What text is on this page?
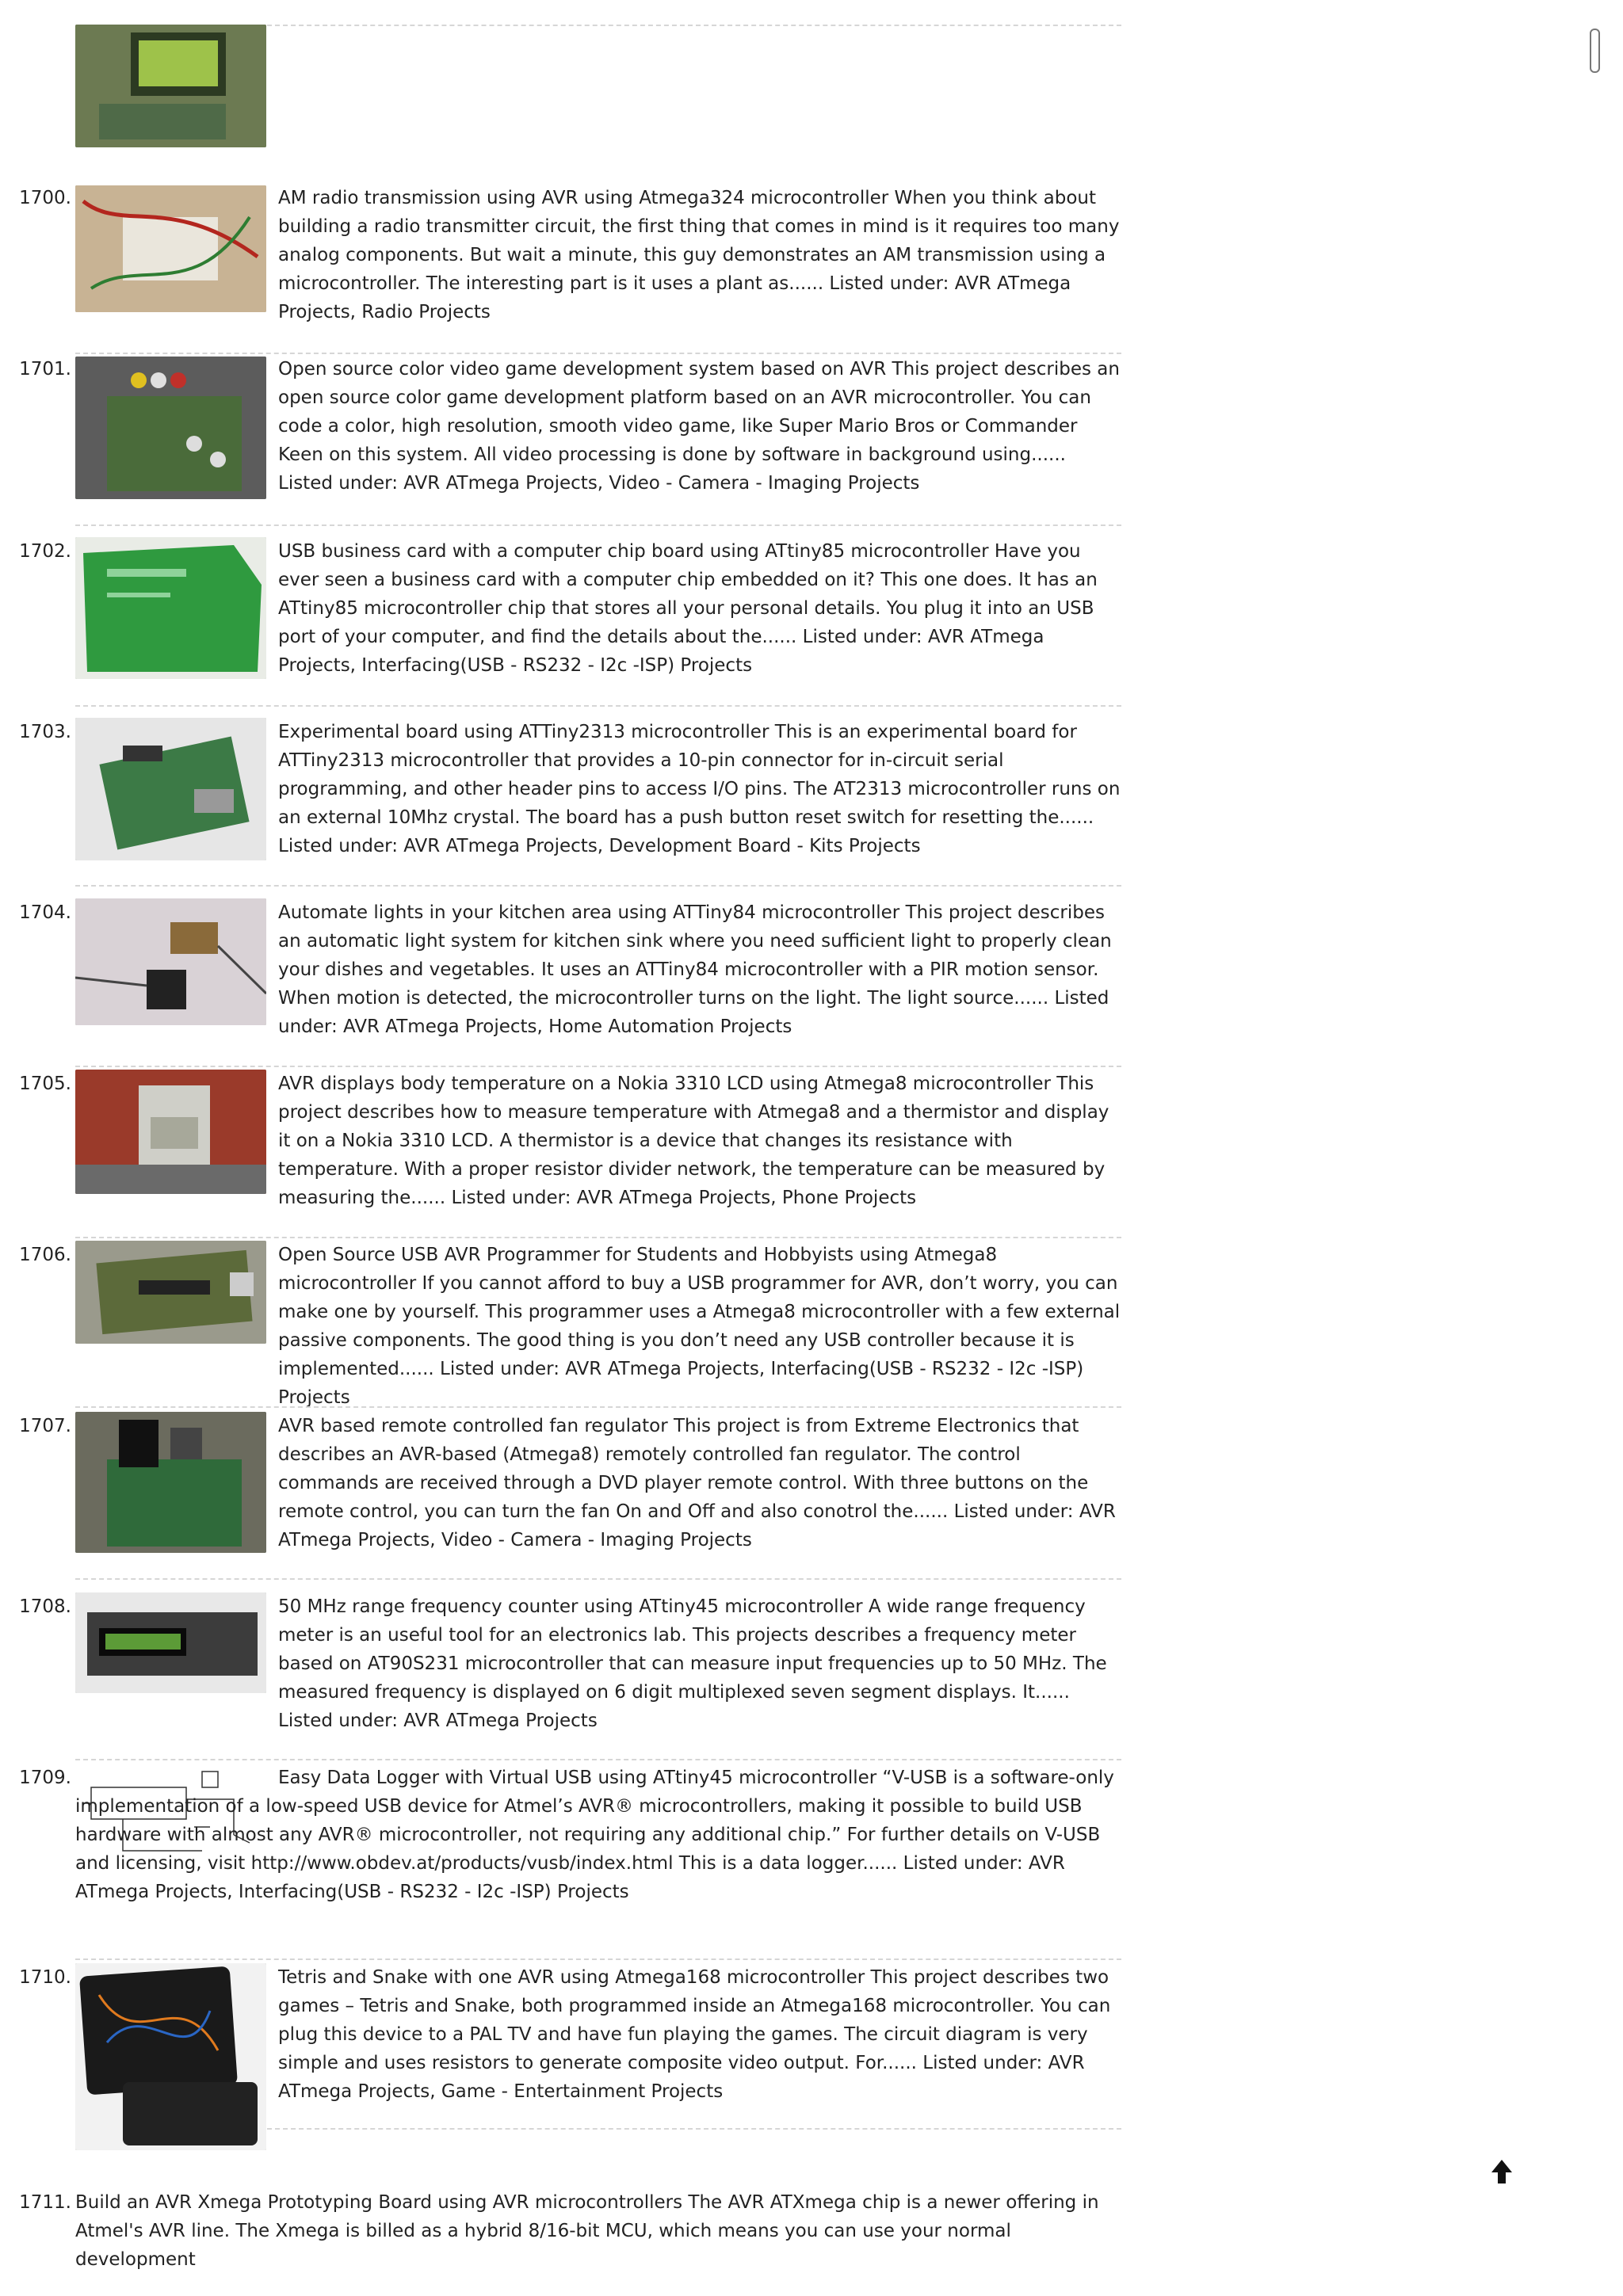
1700.	AM radio transmission using AVR using Atmega324 microcontroller When you think about building a radio transmitter circuit, the first thing that comes in mind is it requires too many analog components. But wait a minute, this guy demonstrates an AM transmission using a microcontroller. The interesting part is it uses a plant as...... Listed under: AVR ATmega Projects, Radio Projects
1701.	Open source color video game development system based on AVR This project describes an open source color game development platform based on an AVR microcontroller. You can code a color, high resolution, smooth video game, like Super Mario Bros or Commander Keen on this system. All video processing is done by software in background using...... Listed under: AVR ATmega Projects, Video - Camera - Imaging Projects
1702.	USB business card with a computer chip board using ATtiny85 microcontroller Have you ever seen a business card with a computer chip embedded on it? This one does. It has an ATtiny85 microcontroller chip that stores all your personal details. You plug it into an USB port of your computer, and find the details about the...... Listed under: AVR ATmega Projects, Interfacing(USB - RS232 - I2c -ISP) Projects
1703.	Experimental board using ATTiny2313 microcontroller This is an experimental board for ATTiny2313 microcontroller that provides a 10-pin connector for in-circuit serial programming, and other header pins to access I/O pins. The AT2313 microcontroller runs on an external 10Mhz crystal. The board has a push button reset switch for resetting the...... Listed under: AVR ATmega Projects, Development Board - Kits Projects
1704.	Automate lights in your kitchen area using ATTiny84 microcontroller This project describes an automatic light system for kitchen sink where you need sufficient light to properly clean your dishes and vegetables. It uses an ATTiny84 microcontroller with a PIR motion sensor. When motion is detected, the microcontroller turns on the light. The light source...... Listed under: AVR ATmega Projects, Home Automation Projects
1705.	AVR displays body temperature on a Nokia 3310 LCD using Atmega8 microcontroller This project describes how to measure temperature with Atmega8 and a thermistor and display it on a Nokia 3310 LCD. A thermistor is a device that changes its resistance with temperature. With a proper resistor divider network, the temperature can be measured by measuring the...... Listed under: AVR ATmega Projects, Phone Projects
1706.	Open Source USB AVR Programmer for Students and Hobbyists using Atmega8 microcontroller If you cannot afford to buy a USB programmer for AVR, don’t worry, you can make one by yourself. This programmer uses a Atmega8 microcontroller with a few external passive components. The good thing is you don’t need any USB controller because it is implemented...... Listed under: AVR ATmega Projects, Interfacing(USB - RS232 - I2c -ISP) Projects
1707.	AVR based remote controlled fan regulator This project is from Extreme Electronics that describes an AVR-based (Atmega8) remotely controlled fan regulator. The control commands are received through a DVD player remote control. With three buttons on the remote control, you can turn the fan On and Off and also conotrol the...... Listed under: AVR ATmega Projects, Video - Camera - Imaging Projects
1708.	50 MHz range frequency counter using ATtiny45 microcontroller A wide range frequency meter is an useful tool for an electronics lab. This projects describes a frequency meter based on AT90S231 microcontroller that can measure input frequencies up to 50 MHz. The measured frequency is displayed on 6 digit multiplexed seven segment displays. It...... Listed under: AVR ATmega Projects
1709.	Easy Data Logger with Virtual USB using ATtiny45 microcontroller “V-USB is a software-only implementation of a low-speed USB device for Atmel’s AVR® microcontrollers, making it possible to build USB hardware with almost any AVR® microcontroller, not requiring any additional chip.” For further details on V-USB and licensing, visit http://www.obdev.at/products/vusb/index.html This is a data logger...... Listed under: AVR ATmega Projects, Interfacing(USB - RS232 - I2c -ISP) Projects
1710.	Tetris and Snake with one AVR using Atmega168 microcontroller This project describes two games – Tetris and Snake, both programmed inside an Atmega168 microcontroller. You can plug this device to a PAL TV and have fun playing the games. The circuit diagram is very simple and uses resistors to generate composite video output. For...... Listed under: AVR ATmega Projects, Game - Entertainment Projects
1711. Build an AVR Xmega Prototyping Board using AVR microcontrollers The AVR ATXmega chip is a newer offering in Atmel's AVR line. The Xmega is billed as a hybrid 8/16-bit MCU, which means you can use your normal development
